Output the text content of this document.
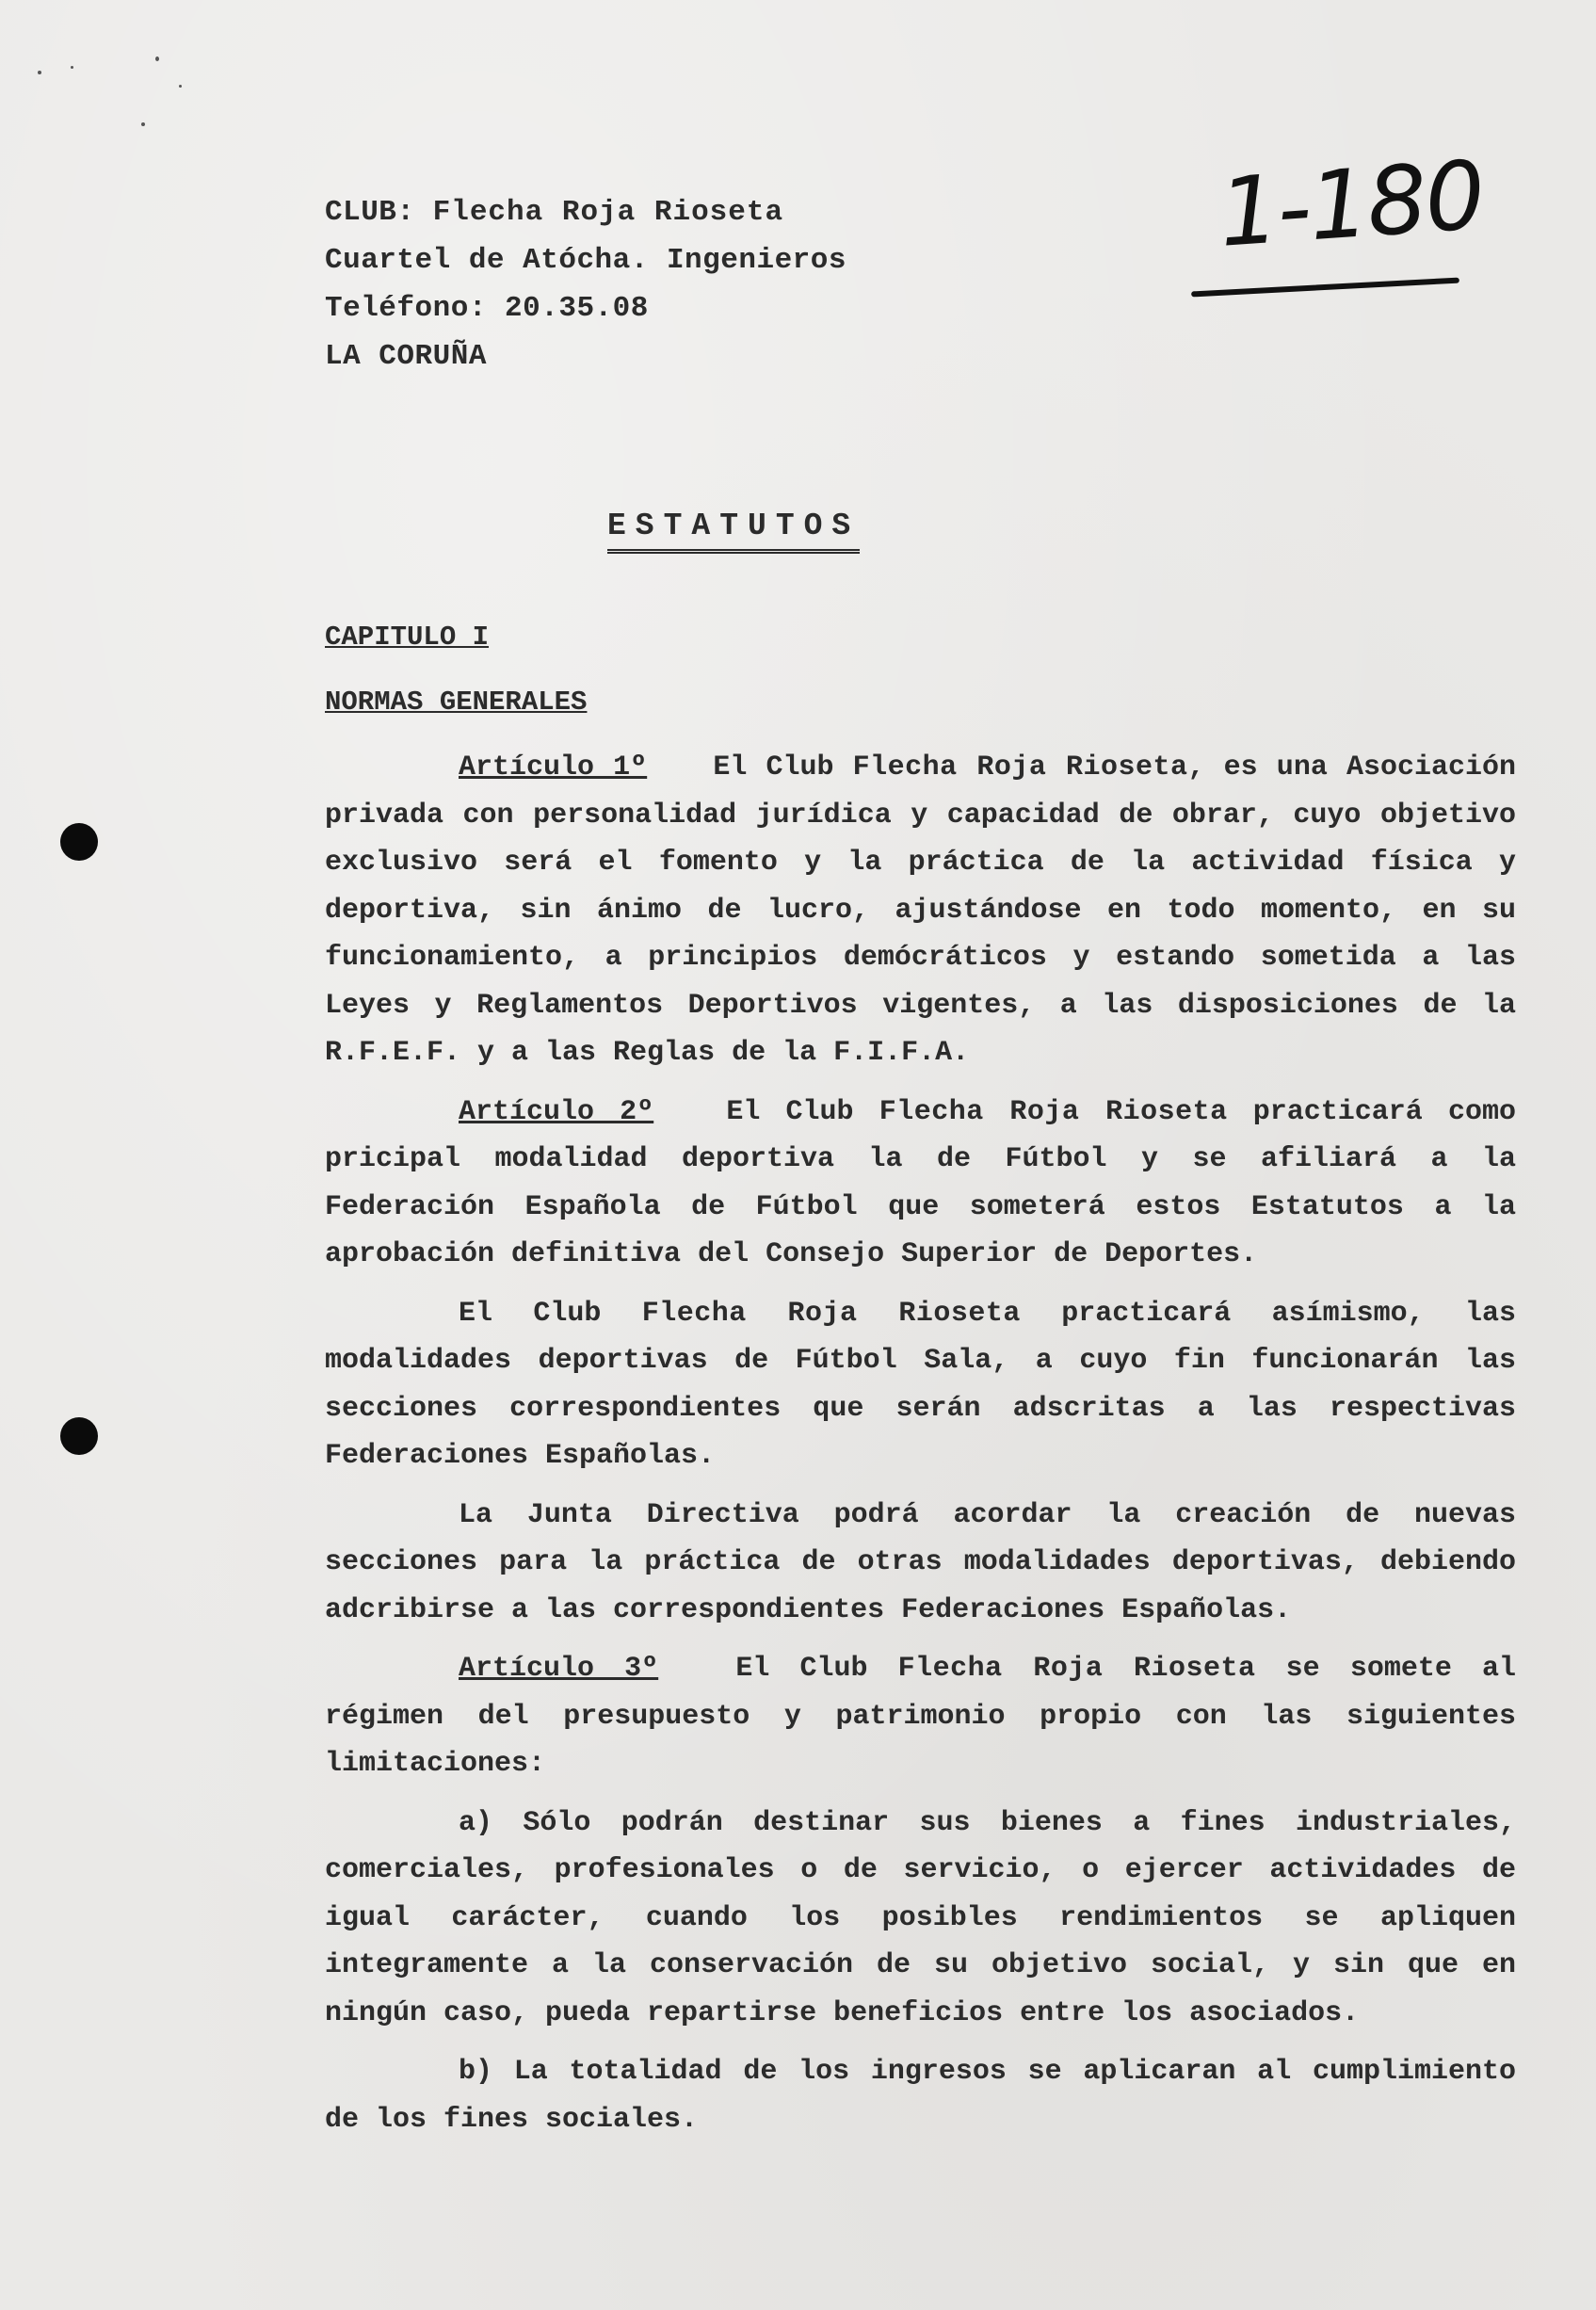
CLUB: Flecha Roja Rioseta
Cuartel de Atócha. Ingenieros
Teléfono: 20.35.08
LA CORUÑA
1-180
ESTATUTOS
CAPITULO I
NORMAS GENERALES

Artículo 1º El Club Flecha Roja Rioseta, es una Asociación privada con personalidad jurídica y capacidad de obrar, cuyo objetivo exclusivo será el fomento y la práctica de la actividad física y deportiva, sin ánimo de lucro, ajustándose en todo momento, en su funcionamiento, a principios demócráticos y estando sometida a las Leyes y Reglamentos Deportivos vigentes, a las disposiciones de la R.F.E.F. y a las Reglas de la F.I.F.A.

Artículo 2º	El Club Flecha Roja Rioseta practicará como pricipal modalidad deportiva la de Fútbol y se afiliará a la Federación Española de Fútbol que someterá estos Estatutos a la aprobación definitiva del Consejo Superior de Deportes.

El Club Flecha Roja Rioseta practicará asímismo, las modalidades deportivas de Fútbol Sala, a cuyo fin funcionarán las secciones correspondientes que serán adscritas a las respectivas Federaciones Españolas.

La Junta Directiva podrá acordar la creación de nuevas secciones para la práctica de otras modalidades deportivas, debiendo adcribirse a las correspondientes Federaciones Españolas.

Artículo 3º	El Club Flecha Roja Rioseta se somete al régimen del presupuesto y patrimonio propio con las siguientes limitaciones:

a) Sólo podrán destinar sus bienes a fines industriales, comerciales, profesionales o de servicio, o ejercer actividades de igual carácter, cuando los posibles rendimientos se apliquen integramente a la conservación de su objetivo social, y sin que en ningún caso, pueda repartirse beneficios entre los asociados.

b) La totalidad de los ingresos se aplicaran al cumplimiento de los fines sociales.
